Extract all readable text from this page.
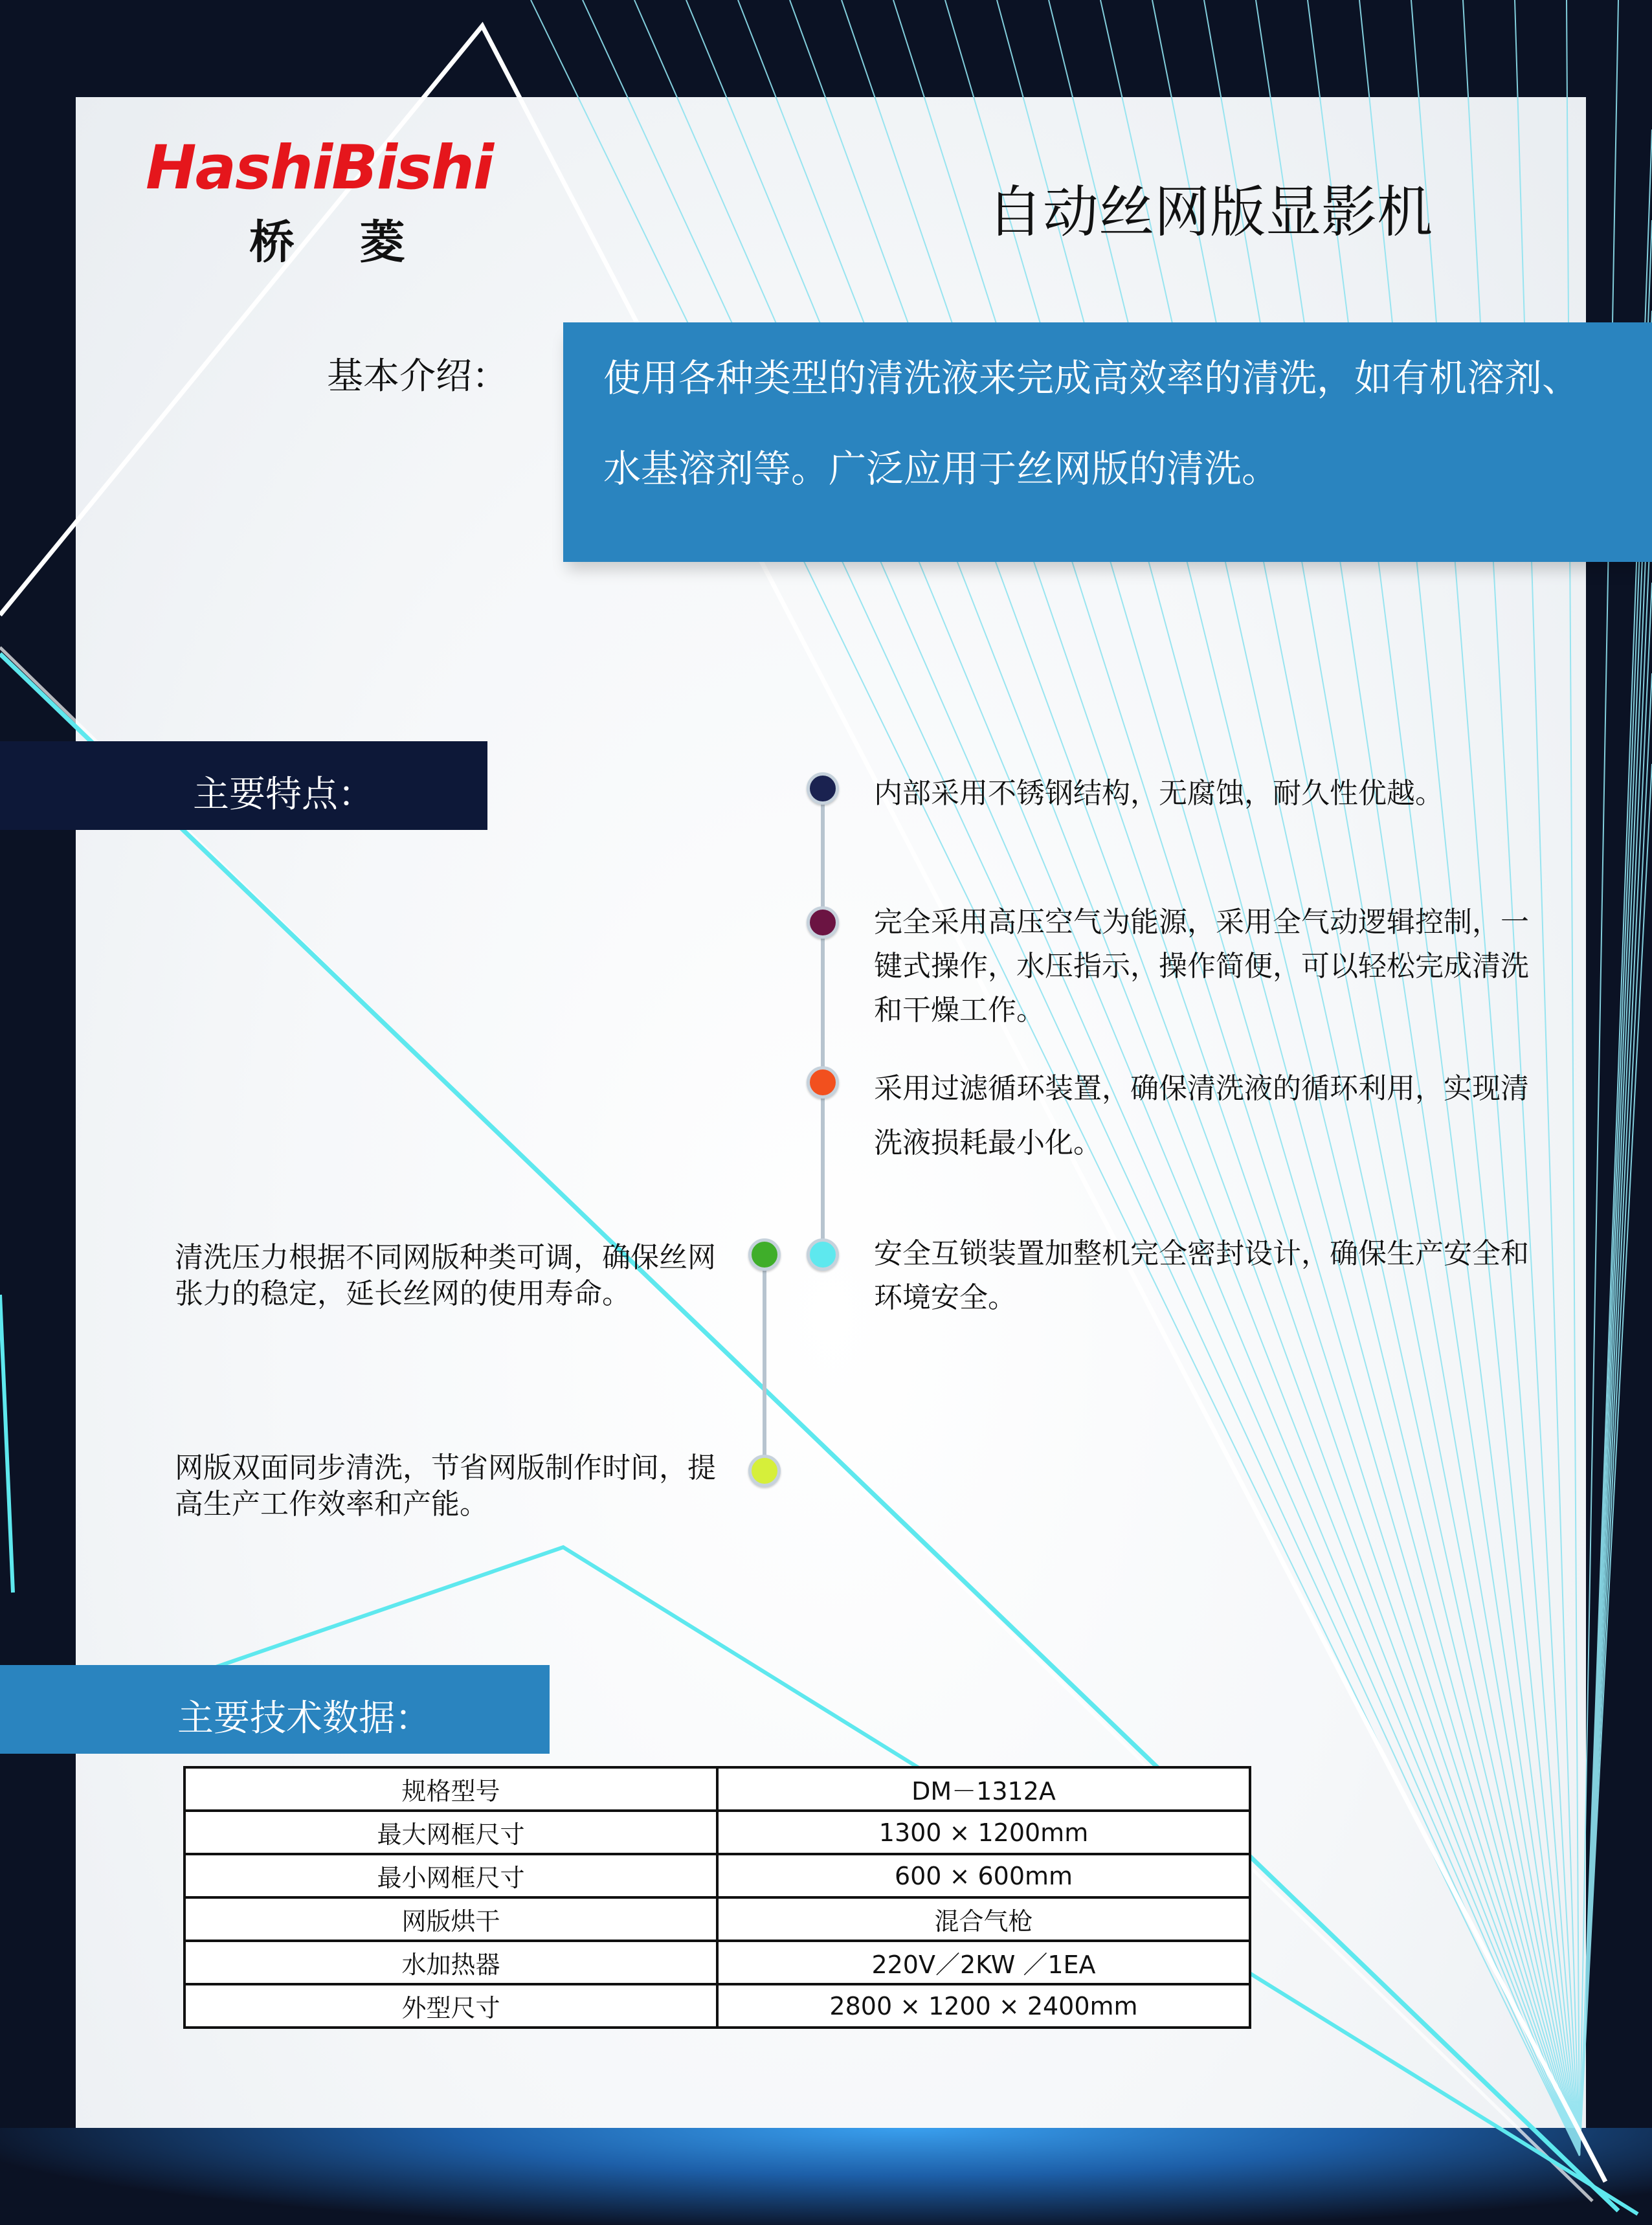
HashiBishi
桥 菱	自动丝网版显影机
基本介绍：	使用各种类型的清洗液来完成高效率的清洗，如有机溶剂、水基溶剂等。广泛应用于丝网版的清洗。
主要特点：	内部采用不锈钢结构，无腐蚀，耐久性优越。
完全采用高压空气为能源，采用全气动逻辑控制，一键式操作，水压指示，操作简便，可以轻松完成清洗和干燥工作。
采用过滤循环装置，确保清洗液的循环利用，实现清洗液损耗最小化。
安全互锁装置加整机完全密封设计，确保生产安全和环境安全。
清洗压力根据不同网版种类可调，确保丝网张力的稳定，延长丝网的使用寿命。
网版双面同步清洗，节省网版制作时间，提高生产工作效率和产能。
主要技术数据：
规格型号	DM－1312A
最大网框尺寸	1300 × 1200mm
最小网框尺寸	600 × 600mm
网版烘干	混合气枪
水加热器	220V／2KW ／1EA
外型尺寸	2800 × 1200 × 2400mm
